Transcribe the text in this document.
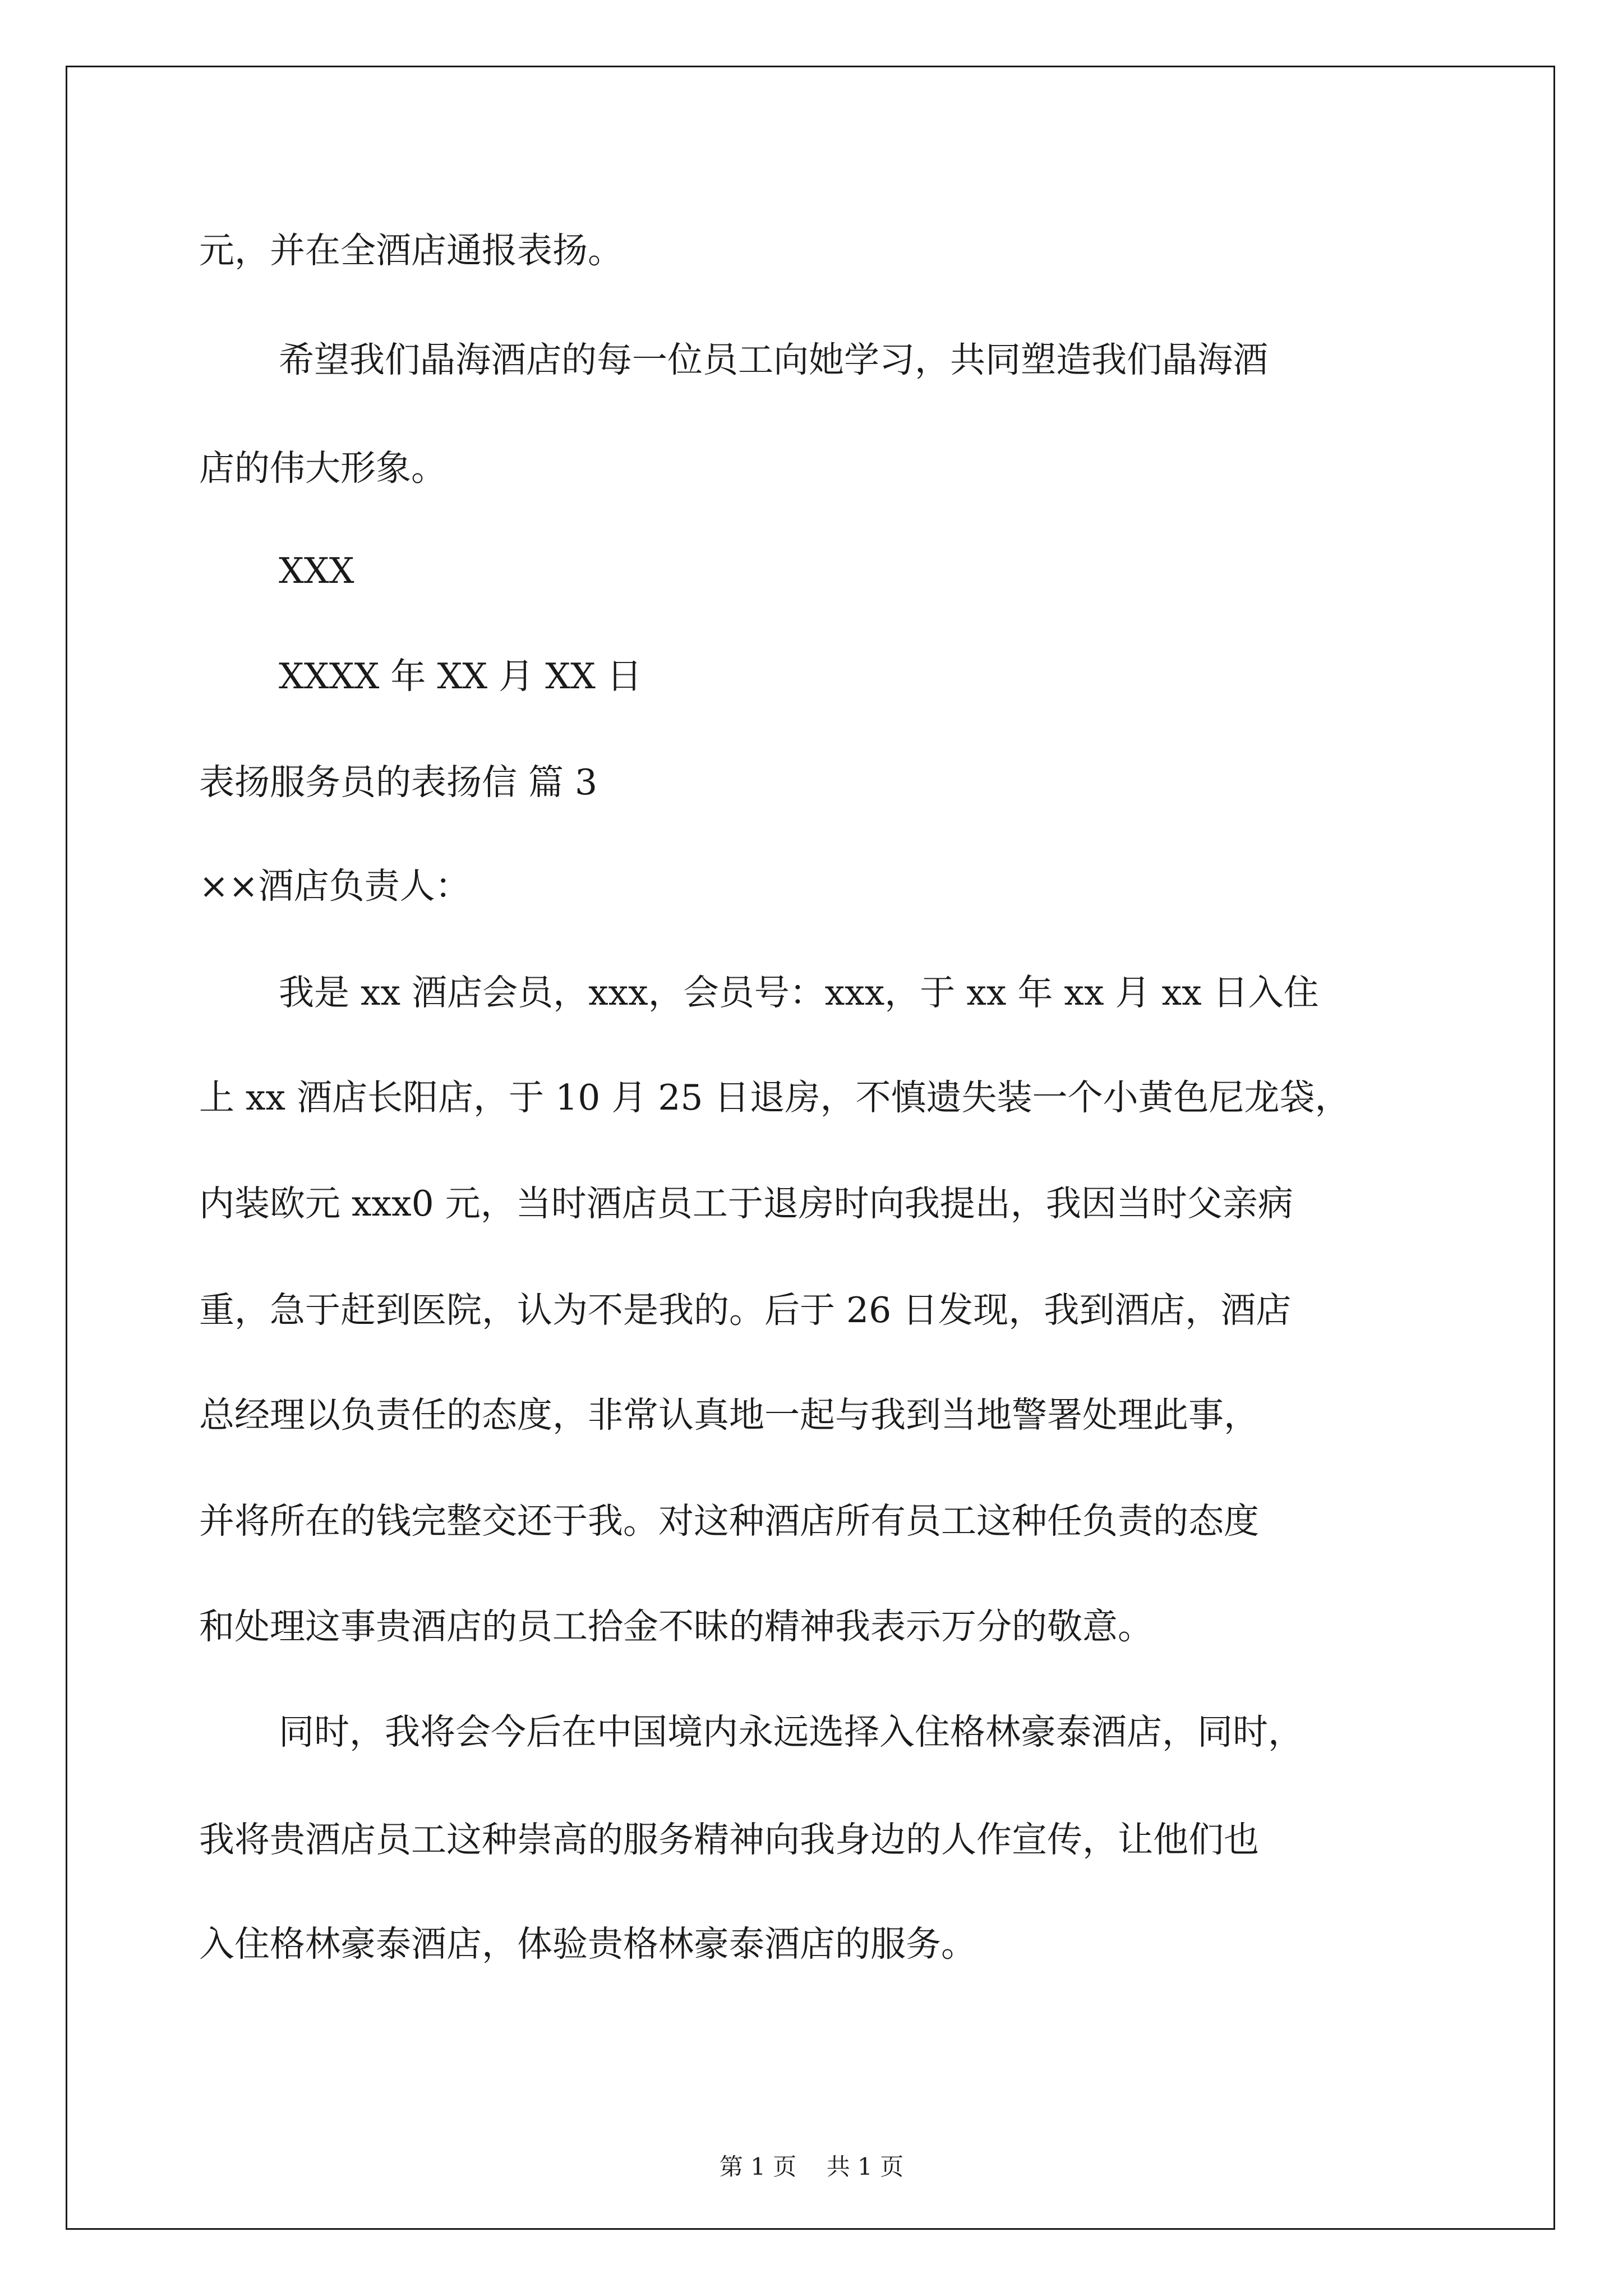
元，并在全酒店通报表扬。

希望我们晶海酒店的每一位员工向她学习，共同塑造我们晶海酒

店的伟大形象。

XXX

XXXX 年 XX 月 XX 日

表扬服务员的表扬信 篇 3

××酒店负责人：

我是 xx 酒店会员，xxx，会员号：xxx，于 xx 年 xx 月 xx 日入住

上 xx 酒店长阳店，于 10 月 25 日退房，不慎遗失装一个小黄色尼龙袋，

内装欧元 xxx0 元，当时酒店员工于退房时向我提出，我因当时父亲病

重，急于赶到医院，认为不是我的。后于 26 日发现，我到酒店，酒店

总经理以负责任的态度，非常认真地一起与我到当地警署处理此事，

并将所在的钱完整交还于我。对这种酒店所有员工这种任负责的态度

和处理这事贵酒店的员工拾金不昧的精神我表示万分的敬意。

同时，我将会今后在中国境内永远选择入住格林豪泰酒店，同时，

我将贵酒店员工这种崇高的服务精神向我身边的人作宣传，让他们也

入住格林豪泰酒店，体验贵格林豪泰酒店的服务。

第 1 页    共 1 页
